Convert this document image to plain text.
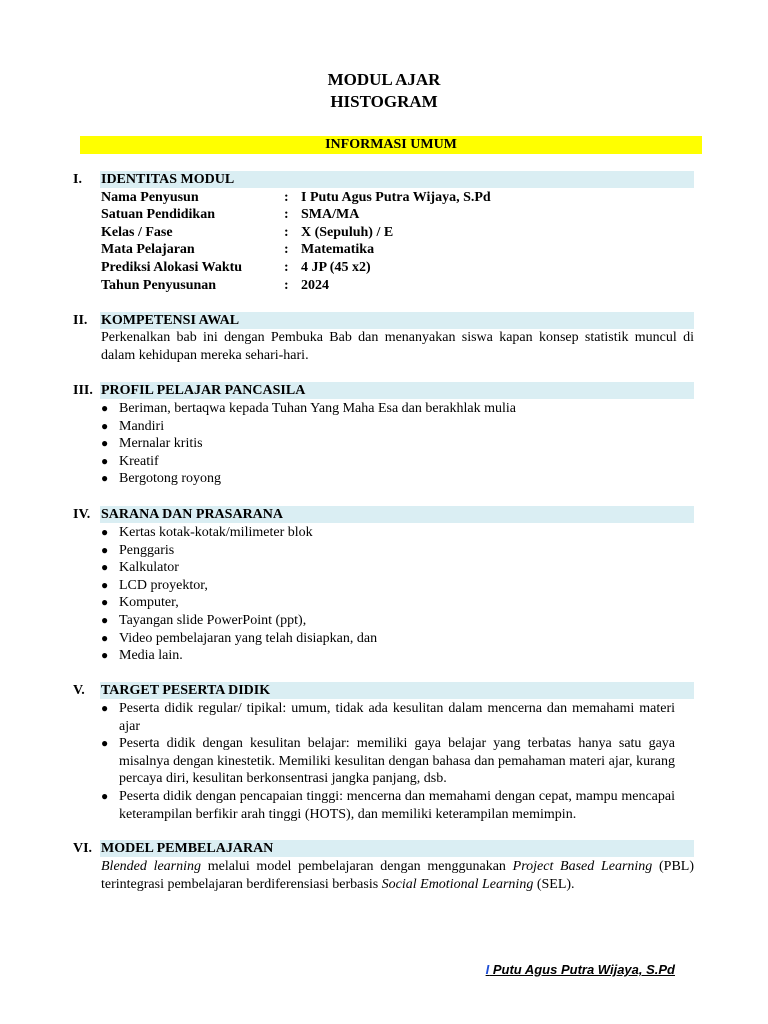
MODUL AJAR
HISTOGRAM
INFORMASI UMUM
I. IDENTITAS MODUL
Nama Penyusun	: I Putu Agus Putra Wijaya, S.Pd
Satuan Pendidikan	: SMA/MA
Kelas / Fase	: X (Sepuluh) / E
Mata Pelajaran	: Matematika
Prediksi Alokasi Waktu	: 4 JP (45 x2)
Tahun Penyusunan	: 2024
II. KOMPETENSI AWAL
Perkenalkan bab ini dengan Pembuka Bab dan menanyakan siswa kapan konsep statistik muncul di dalam kehidupan mereka sehari-hari.
III. PROFIL PELAJAR PANCASILA
● Beriman, bertaqwa kepada Tuhan Yang Maha Esa dan berakhlak mulia
● Mandiri
● Mernalar kritis
● Kreatif
● Bergotong royong
IV. SARANA DAN PRASARANA
● Kertas kotak-kotak/milimeter blok
● Penggaris
● Kalkulator
● LCD proyektor,
● Komputer,
● Tayangan slide PowerPoint (ppt),
● Video pembelajaran yang telah disiapkan, dan
● Media lain.
V. TARGET PESERTA DIDIK
● Peserta didik regular/ tipikal: umum, tidak ada kesulitan dalam mencerna dan memahami materi ajar
● Peserta didik dengan kesulitan belajar: memiliki gaya belajar yang terbatas hanya satu gaya misalnya dengan kinestetik. Memiliki kesulitan dengan bahasa dan pemahaman materi ajar, kurang percaya diri, kesulitan berkonsentrasi jangka panjang, dsb.
● Peserta didik dengan pencapaian tinggi: mencerna dan memahami dengan cepat, mampu mencapai keterampilan berfikir arah tinggi (HOTS), dan memiliki keterampilan memimpin.
VI. MODEL PEMBELAJARAN
Blended learning melalui model pembelajaran dengan menggunakan Project Based Learning (PBL) terintegrasi pembelajaran berdiferensiasi berbasis Social Emotional Learning (SEL).
I Putu Agus Putra Wijaya, S.Pd
